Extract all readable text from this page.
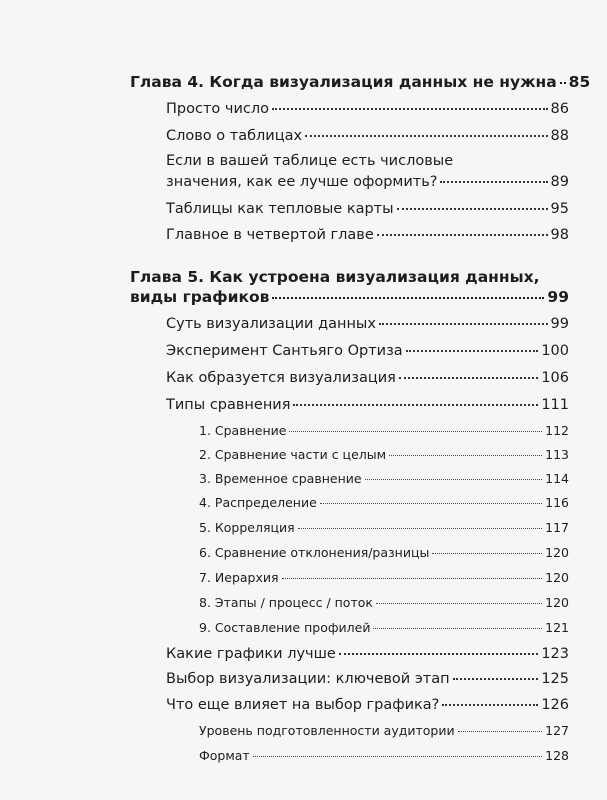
Глава 4. Когда визуализация данных не нужна 85
Просто число	86
Слово о таблицах	88
Если в вашей таблице есть числовые
значения, как ее лучше оформить?	89
Таблицы как тепловые карты	95
Главное в четвертой главе	98
Глава 5. Как устроена визуализация данных,
виды графиков	99
Суть визуализации данных	99
Эксперимент Сантьяго Ортиза	100
Как образуется визуализация	106
Типы сравнения	111
1. Сравнение	112
2. Сравнение части с целым	113
3. Временное сравнение	114
4. Распределение	116
5. Корреляция	117
6. Сравнение отклонения/разницы	120
7. Иерархия	120
8. Этапы / процесс / поток	120
9. Составление профилей	121
Какие графики лучше	123
Выбор визуализации: ключевой этап	125
Что еще влияет на выбор графика?	126
Уровень подготовленности аудитории	127
Формат	128
